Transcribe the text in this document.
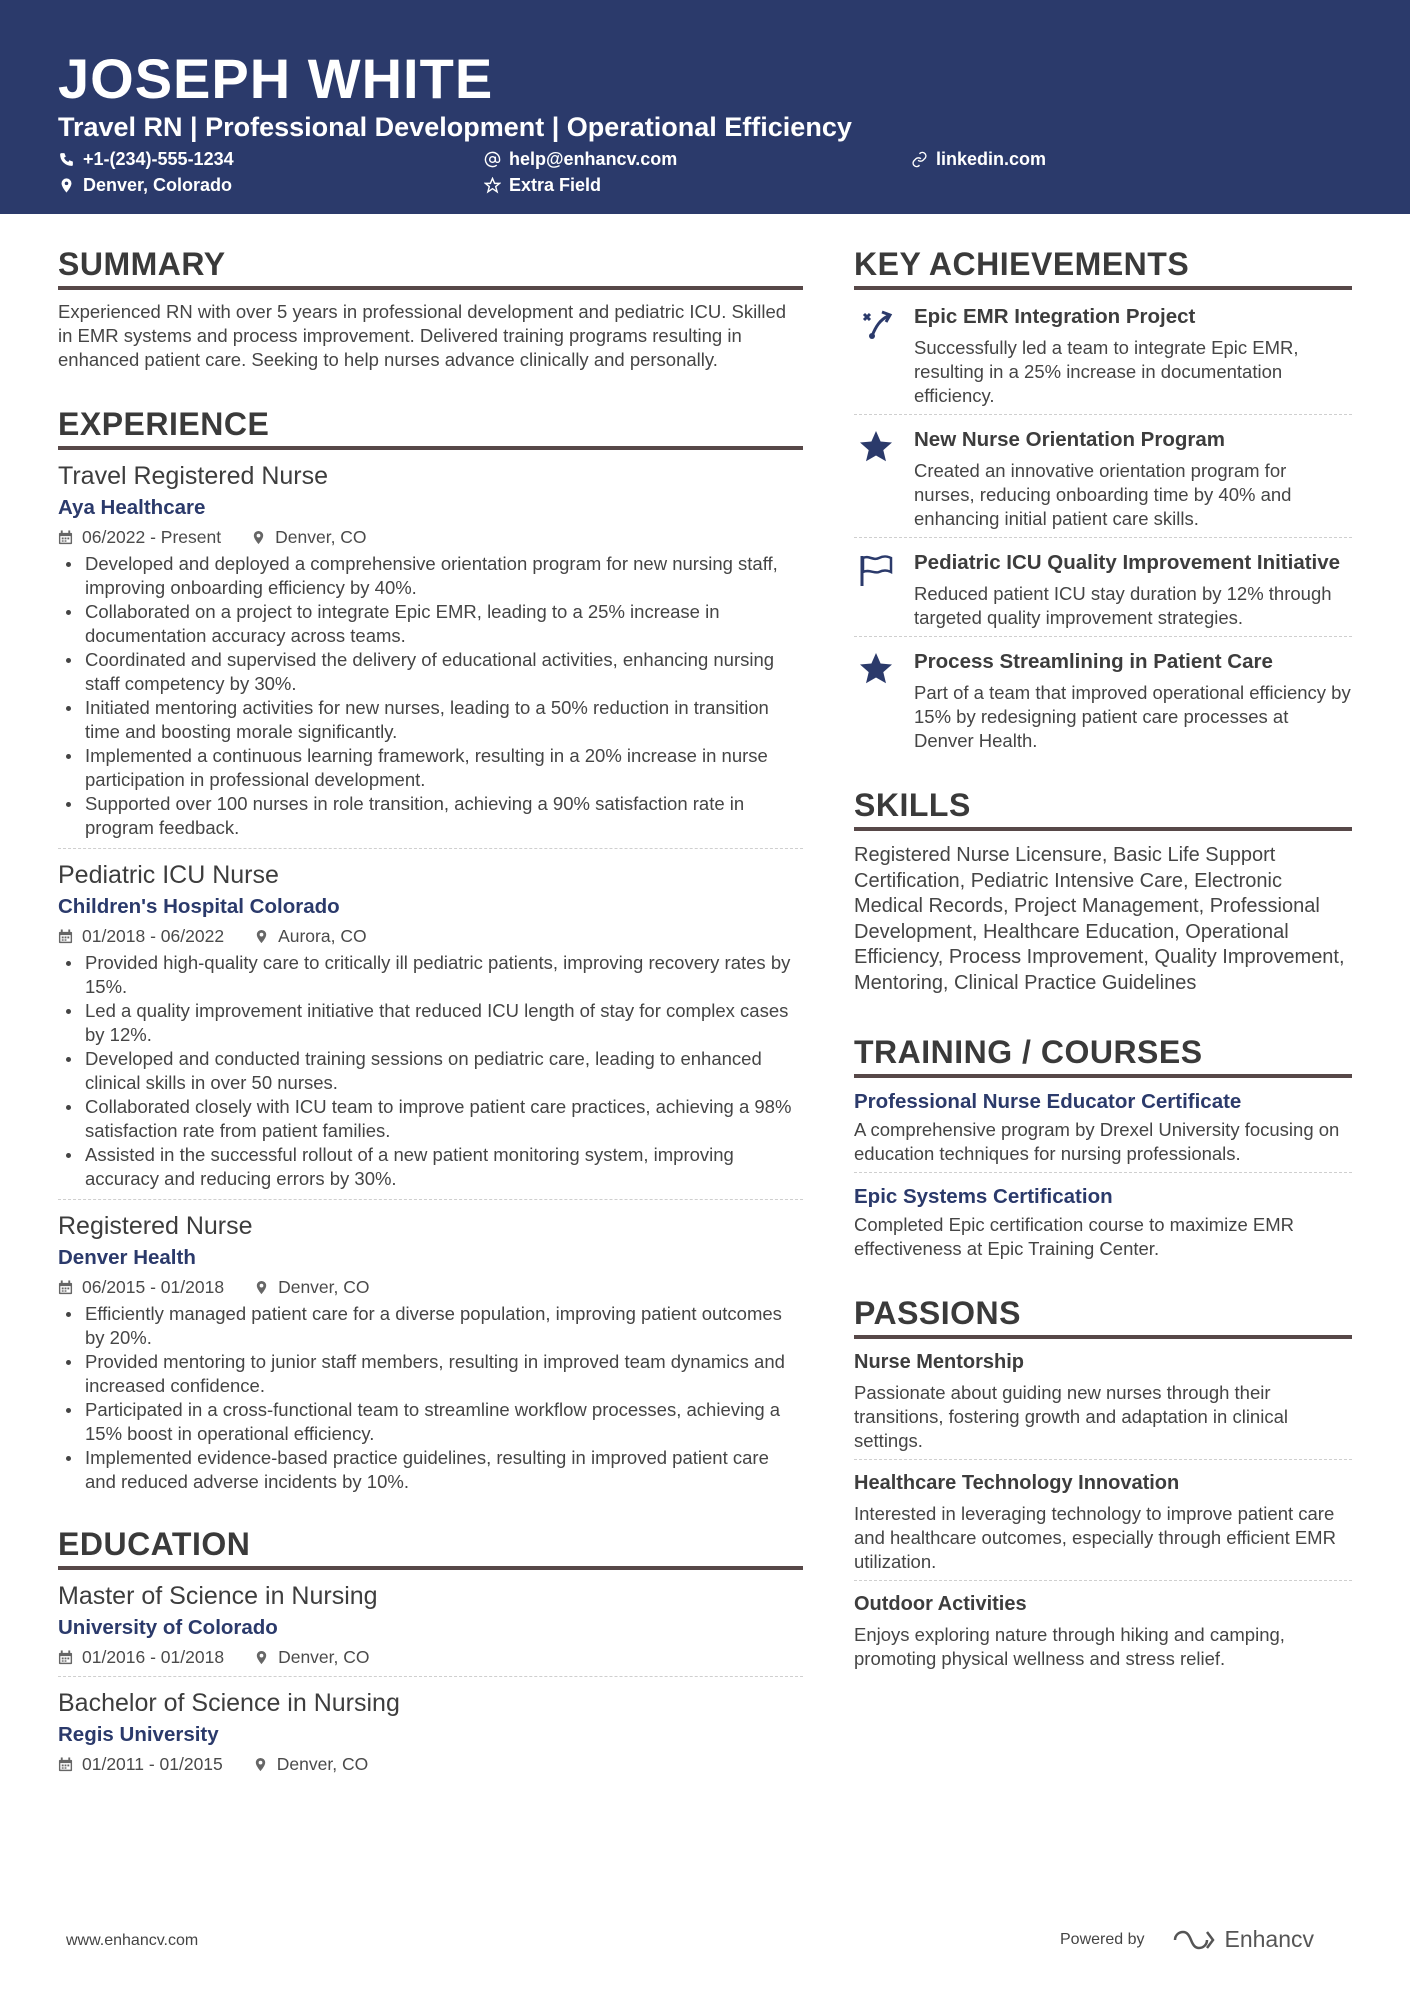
JOSEPH WHITE
Travel RN | Professional Development | Operational Efficiency
+1-(234)-555-1234	help@enhancv.com	linkedin.com
Denver, Colorado	Extra Field
SUMMARY
Experienced RN with over 5 years in professional development and pediatric ICU. Skilled in EMR systems and process improvement. Delivered training programs resulting in enhanced patient care. Seeking to help nurses advance clinically and personally.
EXPERIENCE
Travel Registered Nurse
Aya Healthcare
06/2022 - Present	Denver, CO
Developed and deployed a comprehensive orientation program for new nursing staff, improving onboarding efficiency by 40%.
Collaborated on a project to integrate Epic EMR, leading to a 25% increase in documentation accuracy across teams.
Coordinated and supervised the delivery of educational activities, enhancing nursing staff competency by 30%.
Initiated mentoring activities for new nurses, leading to a 50% reduction in transition time and boosting morale significantly.
Implemented a continuous learning framework, resulting in a 20% increase in nurse participation in professional development.
Supported over 100 nurses in role transition, achieving a 90% satisfaction rate in program feedback.
Pediatric ICU Nurse
Children's Hospital Colorado
01/2018 - 06/2022	Aurora, CO
Provided high-quality care to critically ill pediatric patients, improving recovery rates by 15%.
Led a quality improvement initiative that reduced ICU length of stay for complex cases by 12%.
Developed and conducted training sessions on pediatric care, leading to enhanced clinical skills in over 50 nurses.
Collaborated closely with ICU team to improve patient care practices, achieving a 98% satisfaction rate from patient families.
Assisted in the successful rollout of a new patient monitoring system, improving accuracy and reducing errors by 30%.
Registered Nurse
Denver Health
06/2015 - 01/2018	Denver, CO
Efficiently managed patient care for a diverse population, improving patient outcomes by 20%.
Provided mentoring to junior staff members, resulting in improved team dynamics and increased confidence.
Participated in a cross-functional team to streamline workflow processes, achieving a 15% boost in operational efficiency.
Implemented evidence-based practice guidelines, resulting in improved patient care and reduced adverse incidents by 10%.
EDUCATION
Master of Science in Nursing
University of Colorado
01/2016 - 01/2018	Denver, CO
Bachelor of Science in Nursing
Regis University
01/2011 - 01/2015	Denver, CO
KEY ACHIEVEMENTS
Epic EMR Integration Project
Successfully led a team to integrate Epic EMR, resulting in a 25% increase in documentation efficiency.
New Nurse Orientation Program
Created an innovative orientation program for nurses, reducing onboarding time by 40% and enhancing initial patient care skills.
Pediatric ICU Quality Improvement Initiative
Reduced patient ICU stay duration by 12% through targeted quality improvement strategies.
Process Streamlining in Patient Care
Part of a team that improved operational efficiency by 15% by redesigning patient care processes at Denver Health.
SKILLS
Registered Nurse Licensure, Basic Life Support Certification, Pediatric Intensive Care, Electronic Medical Records, Project Management, Professional Development, Healthcare Education, Operational Efficiency, Process Improvement, Quality Improvement, Mentoring, Clinical Practice Guidelines
TRAINING / COURSES
Professional Nurse Educator Certificate
A comprehensive program by Drexel University focusing on education techniques for nursing professionals.
Epic Systems Certification
Completed Epic certification course to maximize EMR effectiveness at Epic Training Center.
PASSIONS
Nurse Mentorship
Passionate about guiding new nurses through their transitions, fostering growth and adaptation in clinical settings.
Healthcare Technology Innovation
Interested in leveraging technology to improve patient care and healthcare outcomes, especially through efficient EMR utilization.
Outdoor Activities
Enjoys exploring nature through hiking and camping, promoting physical wellness and stress relief.
www.enhancv.com	Powered by	Enhancv
